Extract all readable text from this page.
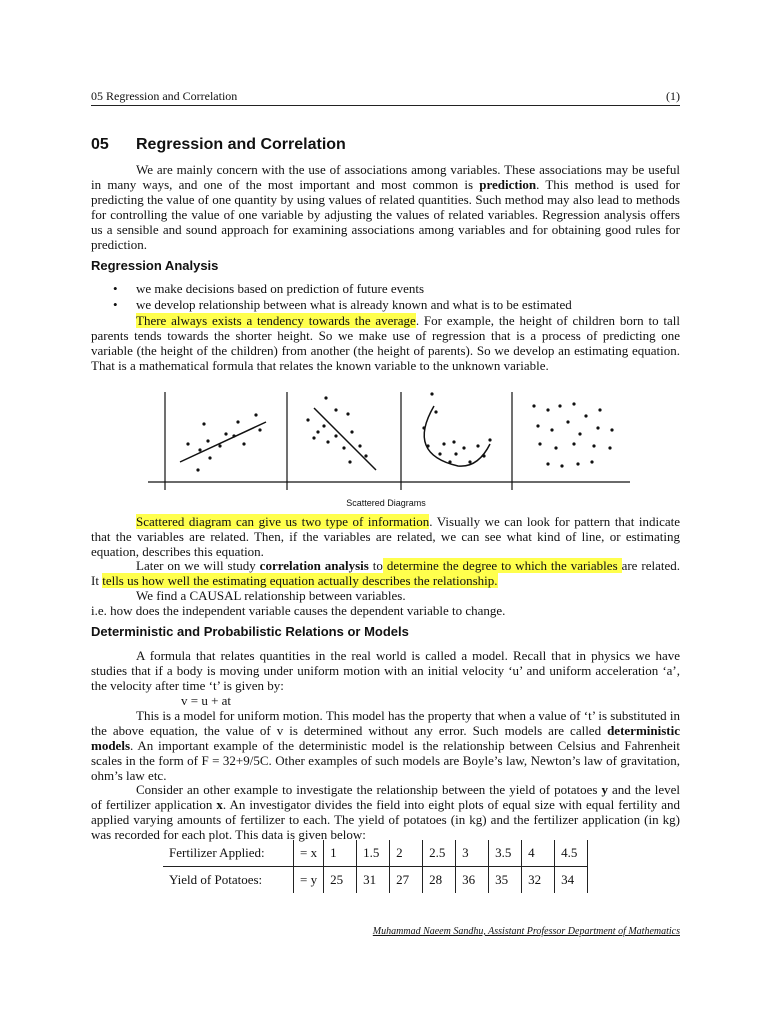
05 Regression and Correlation	(1)
05 Regression and Correlation
We are mainly concern with the use of associations among variables. These associations may be useful in many ways, and one of the most important and most common is prediction. This method is used for predicting the value of one quantity by using values of related quantities. Such method may also lead to methods for controlling the value of one variable by adjusting the values of related variables. Regression analysis offers us a sensible and sound approach for examining associations among variables and for obtaining good rules for prediction.
Regression Analysis
• we make decisions based on prediction of future events
• we develop relationship between what is already known and what is to be estimated
There always exists a tendency towards the average. For example, the height of children born to tall parents tends towards the shorter height. So we make use of regression that is a process of predicting one variable (the height of the children) from another (the height of parents). So we develop an estimating equation. That is a mathematical formula that relates the known variable to the unknown variable.
Scattered Diagrams
Scattered diagram can give us two type of information. Visually we can look for pattern that indicate that the variables are related. Then, if the variables are related, we can see what kind of line, or estimating equation, describes this equation.
Later on we will study correlation analysis to determine the degree to which the variables are related. It tells us how well the estimating equation actually describes the relationship.
We find a CAUSAL relationship between variables.
i.e. how does the independent variable causes the dependent variable to change.
Deterministic and Probabilistic Relations or Models
A formula that relates quantities in the real world is called a model. Recall that in physics we have studies that if a body is moving under uniform motion with an initial velocity ‘u’ and uniform acceleration ‘a’, the velocity after time ‘t’ is given by:
v = u + at
This is a model for uniform motion. This model has the property that when a value of ‘t’ is substituted in the above equation, the value of v is determined without any error. Such models are called deterministic models. An important example of the deterministic model is the relationship between Celsius and Fahrenheit scales in the form of F = 32+9/5C. Other examples of such models are Boyle’s law, Newton’s law of gravitation, ohm’s law etc.
Consider an other example to investigate the relationship between the yield of potatoes y and the level of fertilizer application x. An investigator divides the field into eight plots of equal size with equal fertility and applied varying amounts of fertilizer to each. The yield of potatoes (in kg) and the fertilizer application (in kg) was recorded for each plot. This data is given below:
Fertilizer Applied:	= x	1	1.5	2	2.5	3	3.5	4	4.5
Yield of Potatoes:	= y	25	31	27	28	36	35	32	34
Muhammad Naeem Sandhu, Assistant Professor Department of Mathematics
